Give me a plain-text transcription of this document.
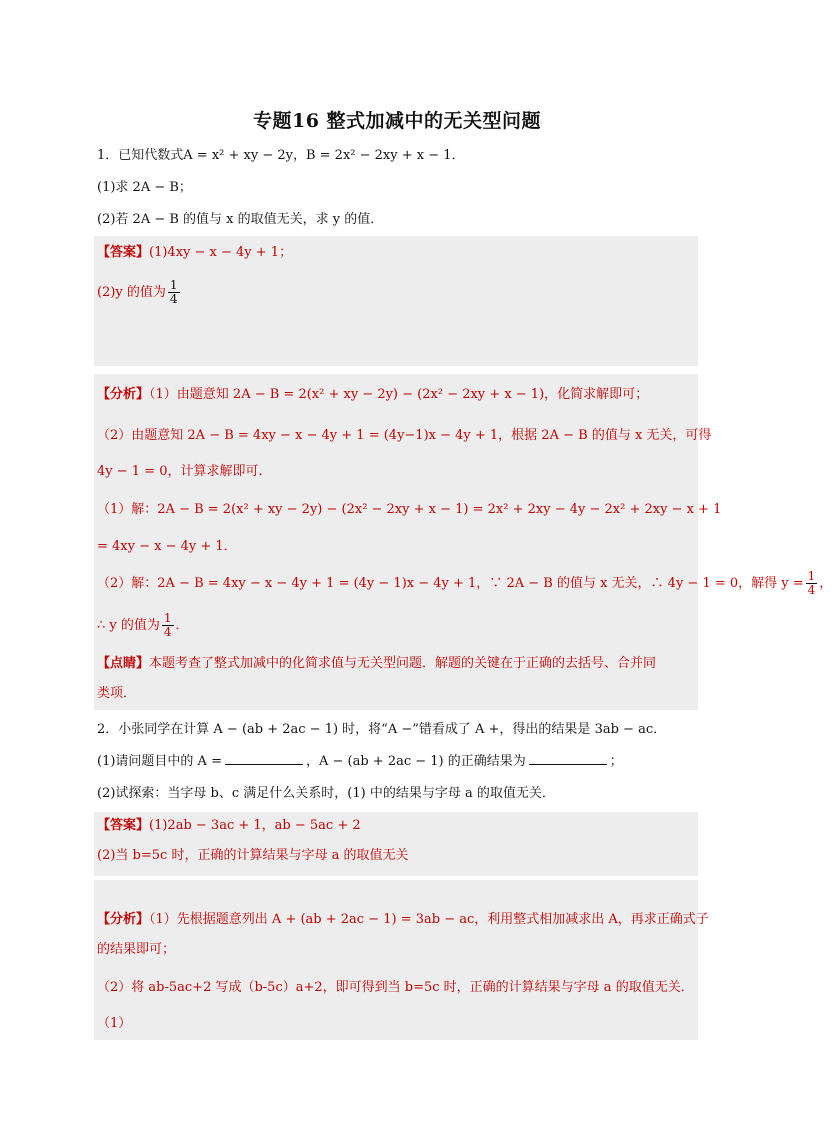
专题16 整式加减中的无关型问题
1．已知代数式A = x² + xy − 2y，B = 2x² − 2xy + x − 1．
(1)求 2A − B；
(2)若 2A − B 的值与 x 的取值无关，求 y 的值．
【答案】(1)4xy − x − 4y + 1；
(2)y 的值为 $\frac{1}{4}$
【分析】（1）由题意知 2A − B = 2(x² + xy − 2y) − (2x² − 2xy + x − 1)，化简求解即可；
（2）由题意知 2A − B = 4xy − x − 4y + 1 = (4y−1)x − 4y + 1，根据 2A − B 的值与 x 无关，可得
4y − 1 = 0，计算求解即可．
（1）解：2A − B = 2(x² + xy − 2y) − (2x² − 2xy + x − 1) = 2x² + 2xy − 4y − 2x² + 2xy − x + 1
= 4xy − x − 4y + 1．
（2）解：2A − B = 4xy − x − 4y + 1 = (4y − 1)x − 4y + 1，∵ 2A − B 的值与 x 无关，∴ 4y − 1 = 0，解得 $y = \frac{1}{4}$ ，
∴ y 的值为 $\frac{1}{4}$ ．
【点睛】本题考查了整式加减中的化简求值与无关型问题．解题的关键在于正确的去括号、合并同
类项．
2．小张同学在计算 A − (ab + 2ac − 1) 时，将“A −”错看成了 A +，得出的结果是 3ab − ac．
(1)请问题目中的 A =	，A − (ab + 2ac − 1) 的正确结果为	；
(2)试探索：当字母 b、c 满足什么关系时，(1) 中的结果与字母 a 的取值无关．
【答案】(1)2ab − 3ac + 1，ab − 5ac + 2
(2)当 b=5c 时，正确的计算结果与字母 a 的取值无关
【分析】（1）先根据题意列出 A + (ab + 2ac − 1) = 3ab − ac，利用整式相加减求出 A，再求正确式子
的结果即可；
（2）将 ab-5ac+2 写成（b-5c）a+2，即可得到当 b=5c 时，正确的计算结果与字母 a 的取值无关．
（1）
